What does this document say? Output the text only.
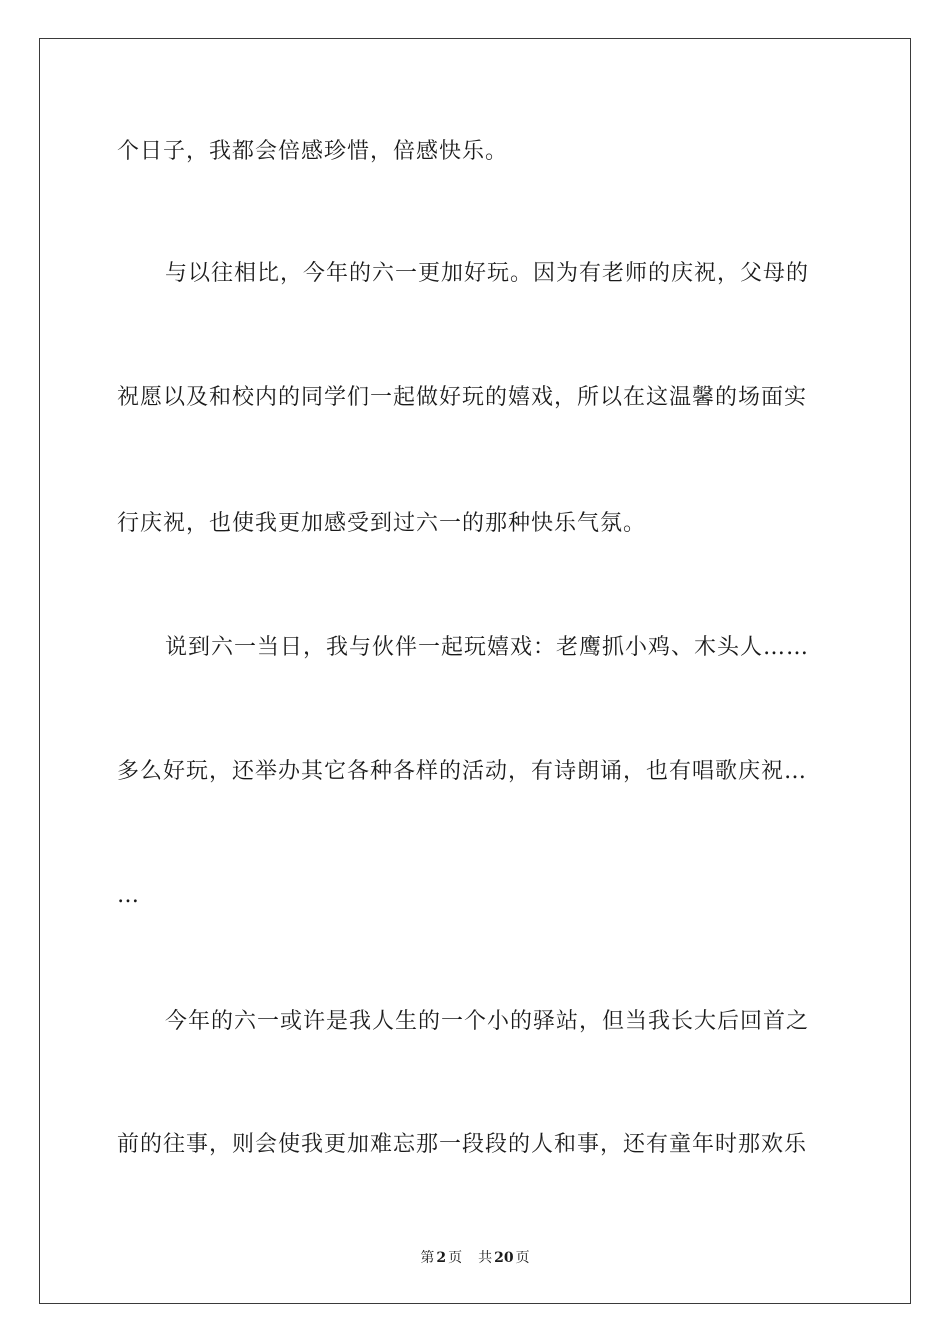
个日子，我都会倍感珍惜，倍感快乐。
与以往相比，今年的六一更加好玩。因为有老师的庆祝，父母的
祝愿以及和校内的同学们一起做好玩的嬉戏，所以在这温馨的场面实
行庆祝，也使我更加感受到过六一的那种快乐气氛。
说到六一当日，我与伙伴一起玩嬉戏：老鹰抓小鸡、木头人……
多么好玩，还举办其它各种各样的活动，有诗朗诵，也有唱歌庆祝…
…
今年的六一或许是我人生的一个小的驿站，但当我长大后回首之
前的往事，则会使我更加难忘那一段段的人和事，还有童年时那欢乐
第 2 页 共 20 页
